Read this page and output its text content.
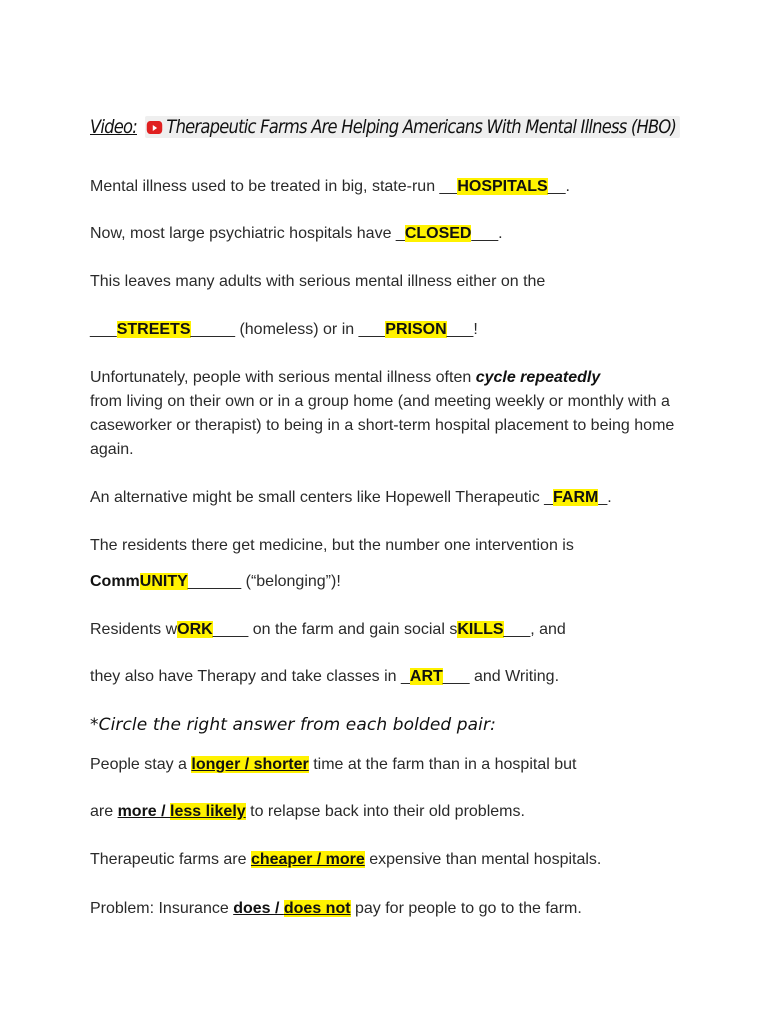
Video: Therapeutic Farms Are Helping Americans With Mental Illness (HBO)
Mental illness used to be treated in big, state-run __HOSPITALS__.
Now, most large psychiatric hospitals have _CLOSED___.
This leaves many adults with serious mental illness either on the
___STREETS_____ (homeless) or in ___PRISON___!
Unfortunately, people with serious mental illness often cycle repeatedly
from living on their own or in a group home (and meeting weekly or monthly with a caseworker or therapist) to being in a short-term hospital placement to being home again.
An alternative might be small centers like Hopewell Therapeutic _FARM_.
The residents there get medicine, but the number one intervention is
CommUNITY______ (“belonging”)!
Residents wORK____ on the farm and gain social sKILLS___, and
they also have Therapy and take classes in _ART___ and Writing.
*Circle the right answer from each bolded pair:
People stay a longer / shorter time at the farm than in a hospital but
are more / less likely to relapse back into their old problems.
Therapeutic farms are cheaper / more expensive than mental hospitals.
Problem: Insurance does / does not pay for people to go to the farm.
